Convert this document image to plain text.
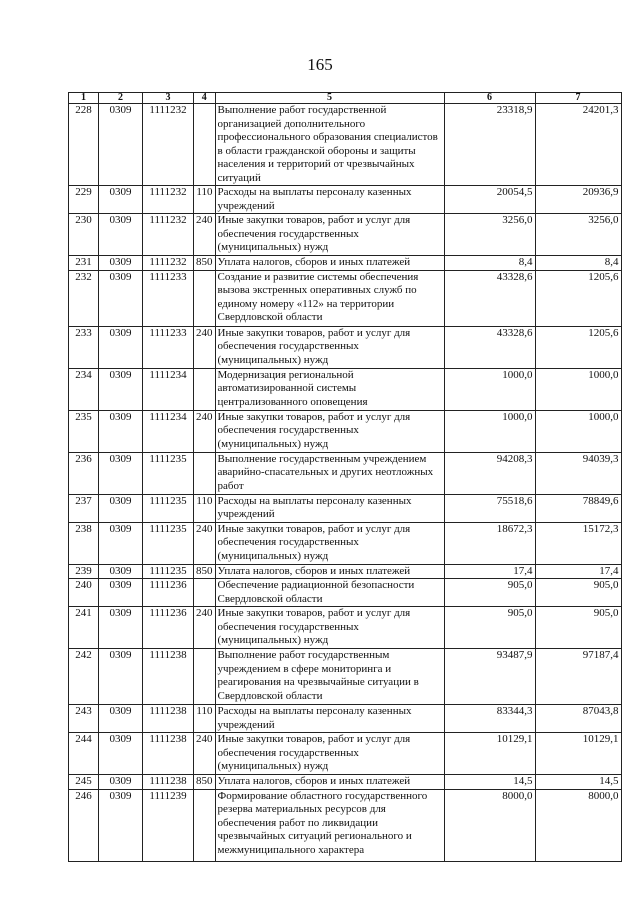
165
1	2	3	4	5	6	7
228	0309	1111232		Выполнение работ государственной организацией дополнительного профессионального образования специалистов в области гражданской обороны и защиты населения и территорий от чрезвычайных ситуаций	23318,9	24201,3
229	0309	1111232	110	Расходы на выплаты персоналу казенных учреждений	20054,5	20936,9
230	0309	1111232	240	Иные закупки товаров, работ и услуг для обеспечения государственных (муниципальных) нужд	3256,0	3256,0
231	0309	1111232	850	Уплата налогов, сборов и иных платежей	8,4	8,4
232	0309	1111233		Создание и развитие системы обеспечения вызова экстренных оперативных служб по единому номеру «112» на территории Свердловской области	43328,6	1205,6
233	0309	1111233	240	Иные закупки товаров, работ и услуг для обеспечения государственных (муниципальных) нужд	43328,6	1205,6
234	0309	1111234		Модернизация региональной автоматизированной системы централизованного оповещения	1000,0	1000,0
235	0309	1111234	240	Иные закупки товаров, работ и услуг для обеспечения государственных (муниципальных) нужд	1000,0	1000,0
236	0309	1111235		Выполнение государственным учреждением аварийно-спасательных и других неотложных работ	94208,3	94039,3
237	0309	1111235	110	Расходы на выплаты персоналу казенных учреждений	75518,6	78849,6
238	0309	1111235	240	Иные закупки товаров, работ и услуг для обеспечения государственных (муниципальных) нужд	18672,3	15172,3
239	0309	1111235	850	Уплата налогов, сборов и иных платежей	17,4	17,4
240	0309	1111236		Обеспечение радиационной безопасности Свердловской области	905,0	905,0
241	0309	1111236	240	Иные закупки товаров, работ и услуг для обеспечения государственных (муниципальных) нужд	905,0	905,0
242	0309	1111238		Выполнение работ государственным учреждением в сфере мониторинга и реагирования на чрезвычайные ситуации в Свердловской области	93487,9	97187,4
243	0309	1111238	110	Расходы на выплаты персоналу казенных учреждений	83344,3	87043,8
244	0309	1111238	240	Иные закупки товаров, работ и услуг для обеспечения государственных (муниципальных) нужд	10129,1	10129,1
245	0309	1111238	850	Уплата налогов, сборов и иных платежей	14,5	14,5
246	0309	1111239		Формирование областного государственного резерва материальных ресурсов для обеспечения работ по ликвидации чрезвычайных ситуаций регионального и межмуниципального характера	8000,0	8000,0
